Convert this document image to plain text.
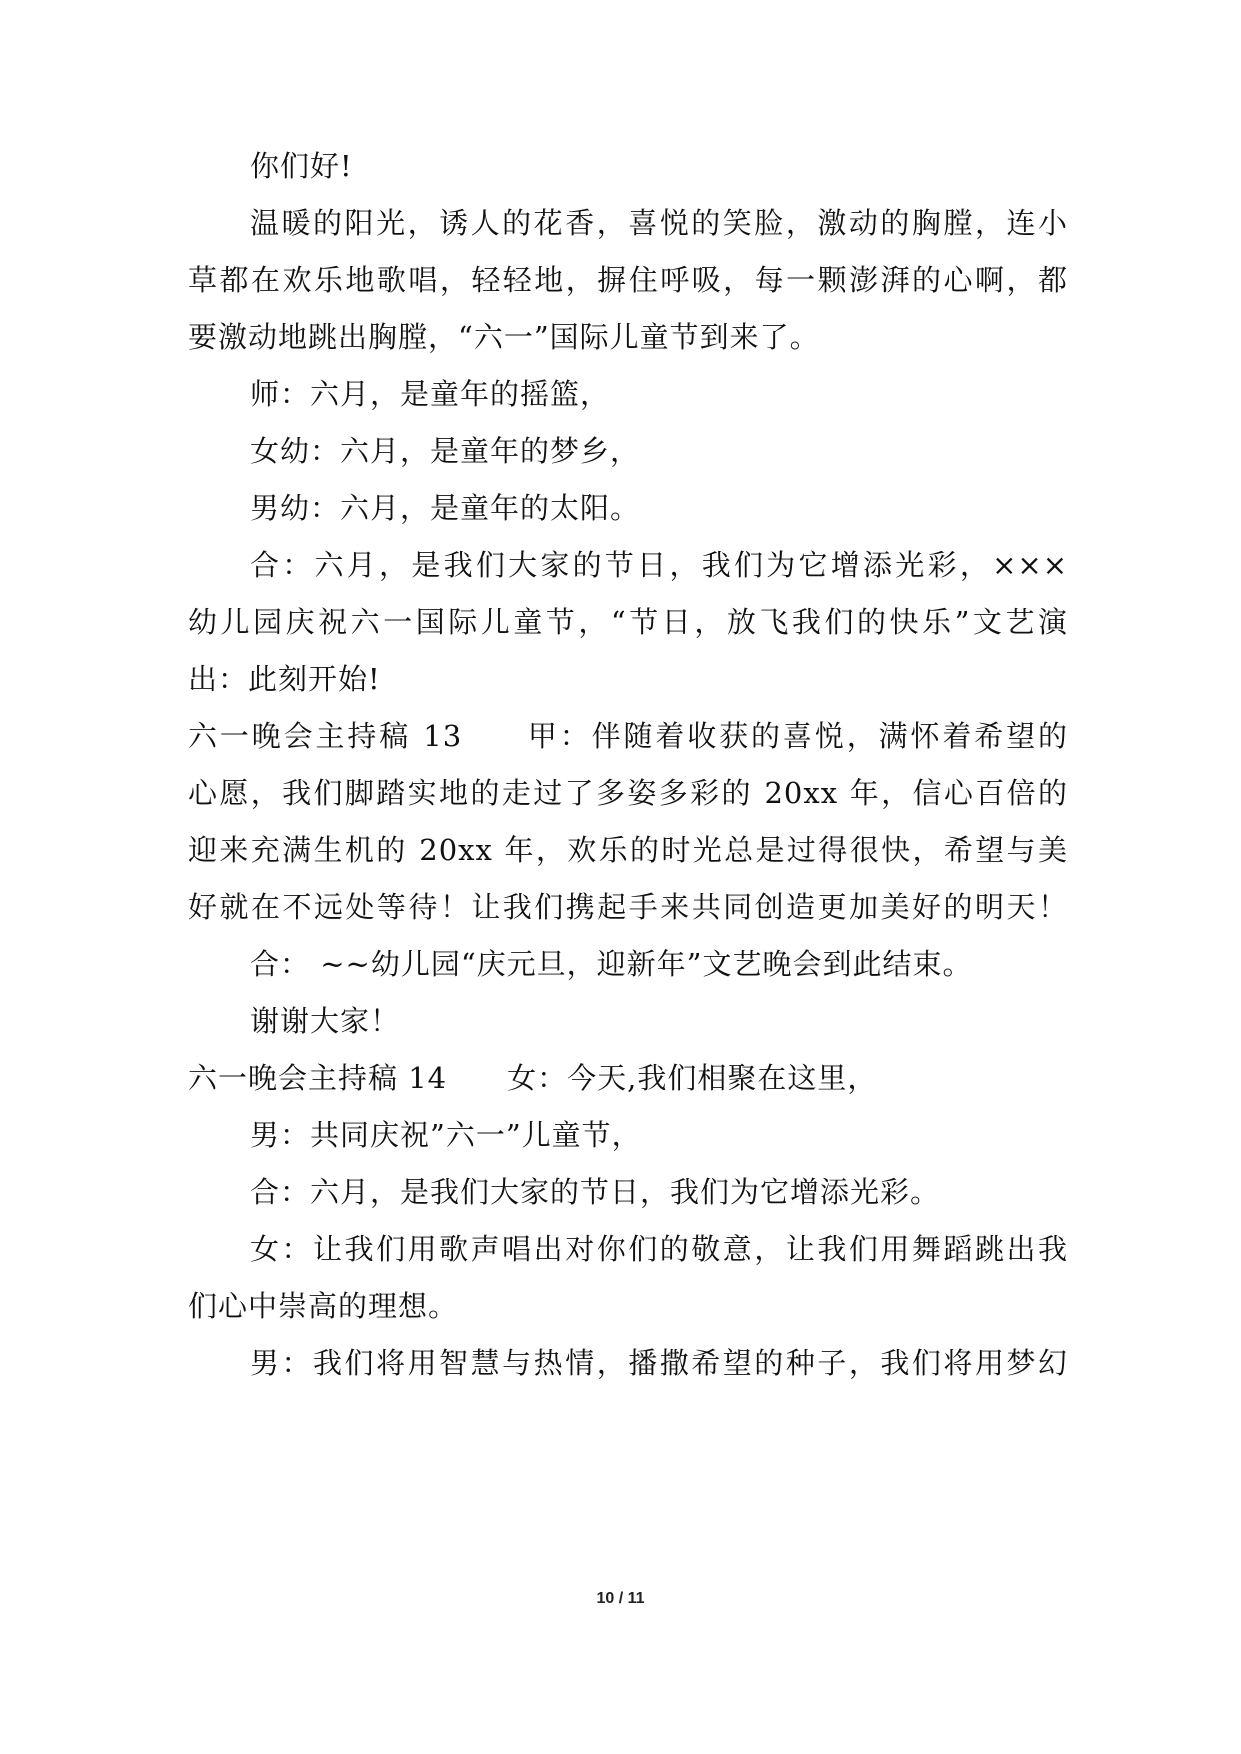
你们好!
温暖的阳光，诱人的花香，喜悦的笑脸，激动的胸膛，连小
草都在欢乐地歌唱，轻轻地，摒住呼吸，每一颗澎湃的心啊，都
要激动地跳出胸膛，“六一”国际儿童节到来了。
师：六月，是童年的摇篮，
女幼：六月，是童年的梦乡，
男幼：六月，是童年的太阳。
合：六月，是我们大家的节日，我们为它增添光彩，×××
幼儿园庆祝六一国际儿童节，“节日，放飞我们的快乐”文艺演
出：此刻开始!
六一晚会主持稿 13　　甲：伴随着收获的喜悦，满怀着希望的
心愿，我们脚踏实地的走过了多姿多彩的 20xx 年，信心百倍的
迎来充满生机的 20xx 年，欢乐的时光总是过得很快，希望与美
好就在不远处等待！让我们携起手来共同创造更加美好的明天！
合： ~~幼儿园“庆元旦，迎新年”文艺晚会到此结束。
谢谢大家！
六一晚会主持稿 14　　女：今天,我们相聚在这里，
男：共同庆祝”六一”儿童节，
合：六月，是我们大家的节日，我们为它增添光彩。
女：让我们用歌声唱出对你们的敬意，让我们用舞蹈跳出我
们心中崇高的理想。
男：我们将用智慧与热情，播撒希望的种子，我们将用梦幻
10 / 11
